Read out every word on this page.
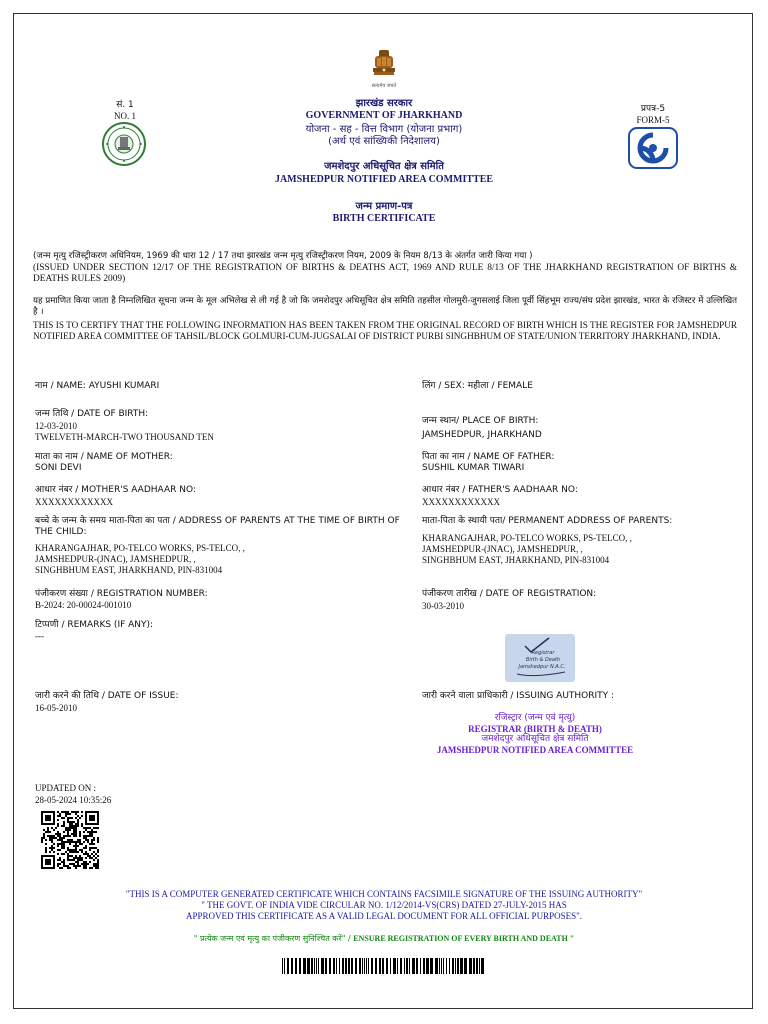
सत्यमेव जयते
सं. 1
NO. 1
प्रपत्र-5
FORM-5
झारखंड सरकार
GOVERNMENT OF JHARKHAND
योजना - सह - वित्त विभाग (योजना प्रभाग)
(अर्थ एवं सांख्यिकी निदेशालय)
जमशेदपुर अधिसूचित क्षेत्र समिति
JAMSHEDPUR NOTIFIED AREA COMMITTEE
जन्म प्रमाण-पत्र
BIRTH CERTIFICATE
(जन्म मृत्यु रजिस्ट्रीकरण अधिनियम, 1969 की धारा 12 / 17 तथा झारखंड जन्म मृत्यु रजिस्ट्रीकरण नियम, 2009 के नियम 8/13 के अंतर्गत जारी किया गया )
(ISSUED UNDER SECTION 12/17 OF THE REGISTRATION OF BIRTHS & DEATHS ACT, 1969 AND RULE 8/13 OF THE JHARKHAND REGISTRATION OF BIRTHS & DEATHS RULES 2009)
यह प्रमाणित किया जाता है निम्नलिखित सूचना जन्म के मूल अभिलेख से ली गई है जो कि जमशेदपुर अधिसूचित क्षेत्र समिति तहसील गोलमुरी-जुगसलाई जिला पूर्वी सिंहभूम राज्य/संघ प्रदेश झारखंड, भारत के रजिस्टर में उल्लिखित है ।
THIS IS TO CERTIFY THAT THE FOLLOWING INFORMATION HAS BEEN TAKEN FROM THE ORIGINAL RECORD OF BIRTH WHICH IS THE REGISTER FOR JAMSHEDPUR NOTIFIED AREA COMMITTEE OF TAHSIL/BLOCK GOLMURI-CUM-JUGSALAI OF DISTRICT PURBI SINGHBHUM OF STATE/UNION TERRITORY JHARKHAND, INDIA.
नाम / NAME: AYUSHI KUMARI
जन्म तिथि / DATE OF BIRTH:
12-03-2010
TWELVETH-MARCH-TWO THOUSAND TEN
माता का नाम / NAME OF MOTHER:
SONI DEVI
आधार नंबर / MOTHER'S AADHAAR NO:
XXXXXXXXXXXX
बच्चे के जन्म के समय माता-पिता का पता / ADDRESS OF PARENTS AT THE TIME OF BIRTH OF THE CHILD:
KHARANGAJHAR, PO-TELCO WORKS, PS-TELCO, ,
JAMSHEDPUR-(JNAC), JAMSHEDPUR, ,
SINGHBHUM EAST, JHARKHAND, PIN-831004
पंजीकरण संख्या / REGISTRATION NUMBER:
B-2024: 20-00024-001010
टिप्पणी / REMARKS (IF ANY):
---
जारी करने की तिथि / DATE OF ISSUE:
16-05-2010
लिंग / SEX: महीला / FEMALE
जन्म स्थान/ PLACE OF BIRTH:
JAMSHEDPUR, JHARKHAND
पिता का नाम / NAME OF FATHER:
SUSHIL KUMAR TIWARI
आधार नंबर / FATHER'S AADHAAR NO:
XXXXXXXXXXXX
माता-पिता के स्थायी पता/ PERMANENT ADDRESS OF PARENTS:
KHARANGAJHAR, PO-TELCO WORKS, PS-TELCO, ,
JAMSHEDPUR-(JNAC), JAMSHEDPUR, ,
SINGHBHUM EAST, JHARKHAND, PIN-831004
पंजीकरण तारीख / DATE OF REGISTRATION:
30-03-2010
Registrar
Birth & Death
Jamshedpur N.A.C.
जारी करने वाला प्राधिकारी / ISSUING AUTHORITY :
रजिस्ट्रार (जन्म एवं मृत्यु)
REGISTRAR (BIRTH & DEATH)
जमशेदपुर अधिसूचित क्षेत्र समिति
JAMSHEDPUR NOTIFIED AREA COMMITTEE
UPDATED ON :
28-05-2024 10:35:26
"THIS IS A COMPUTER GENERATED CERTIFICATE WHICH CONTAINS FACSIMILE SIGNATURE OF THE ISSUING AUTHORITY"
" THE GOVT. OF INDIA VIDE CIRCULAR NO. 1/12/2014-VS(CRS) DATED 27-JULY-2015 HAS
APPROVED THIS CERTIFICATE AS A VALID LEGAL DOCUMENT FOR ALL OFFICIAL PURPOSES".
" प्रत्येक जन्म एवं मृत्यु का पंजीकरण सुनिश्चित करें" / ENSURE REGISTRATION OF EVERY BIRTH AND DEATH "
